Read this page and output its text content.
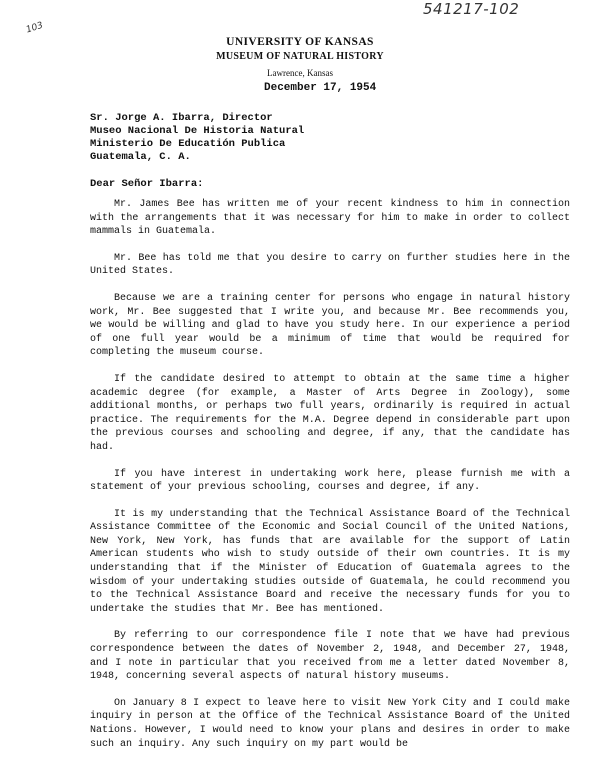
541217-102
103
UNIVERSITY OF KANSAS
MUSEUM OF NATURAL HISTORY
Lawrence, Kansas
December 17, 1954
Sr. Jorge A. Ibarra, Director
Museo Nacional De Historia Natural
Ministerio De Educatión Publica
Guatemala, C. A.
Dear Señor Ibarra:

Mr. James Bee has written me of your recent kindness to him in connection with the arrangements that it was necessary for him to make in order to collect mammals in Guatemala.

Mr. Bee has told me that you desire to carry on further studies here in the United States.

Because we are a training center for persons who engage in natural history work, Mr. Bee suggested that I write you, and because Mr. Bee recommends you, we would be willing and glad to have you study here. In our experience a period of one full year would be a minimum of time that would be required for completing the museum course.

If the candidate desired to attempt to obtain at the same time a higher academic degree (for example, a Master of Arts Degree in Zoology), some additional months, or perhaps two full years, ordinarily is required in actual practice. The requirements for the M.A. Degree depend in considerable part upon the previous courses and schooling and degree, if any, that the candidate has had.

If you have interest in undertaking work here, please furnish me with a statement of your previous schooling, courses and degree, if any.

It is my understanding that the Technical Assistance Board of the Technical Assistance Committee of the Economic and Social Council of the United Nations, New York, New York, has funds that are available for the support of Latin American students who wish to study outside of their own countries. It is my understanding that if the Minister of Education of Guatemala agrees to the wisdom of your undertaking studies outside of Guatemala, he could recommend you to the Technical Assistance Board and receive the necessary funds for you to undertake the studies that Mr. Bee has mentioned.

By referring to our correspondence file I note that we have had previous correspondence between the dates of November 2, 1948, and December 27, 1948, and I note in particular that you received from me a letter dated November 8, 1948, concerning several aspects of natural history museums.

On January 8 I expect to leave here to visit New York City and I could make inquiry in person at the Office of the Technical Assistance Board of the United Nations. However, I would need to know your plans and desires in order to make such an inquiry. Any such inquiry on my part would be
